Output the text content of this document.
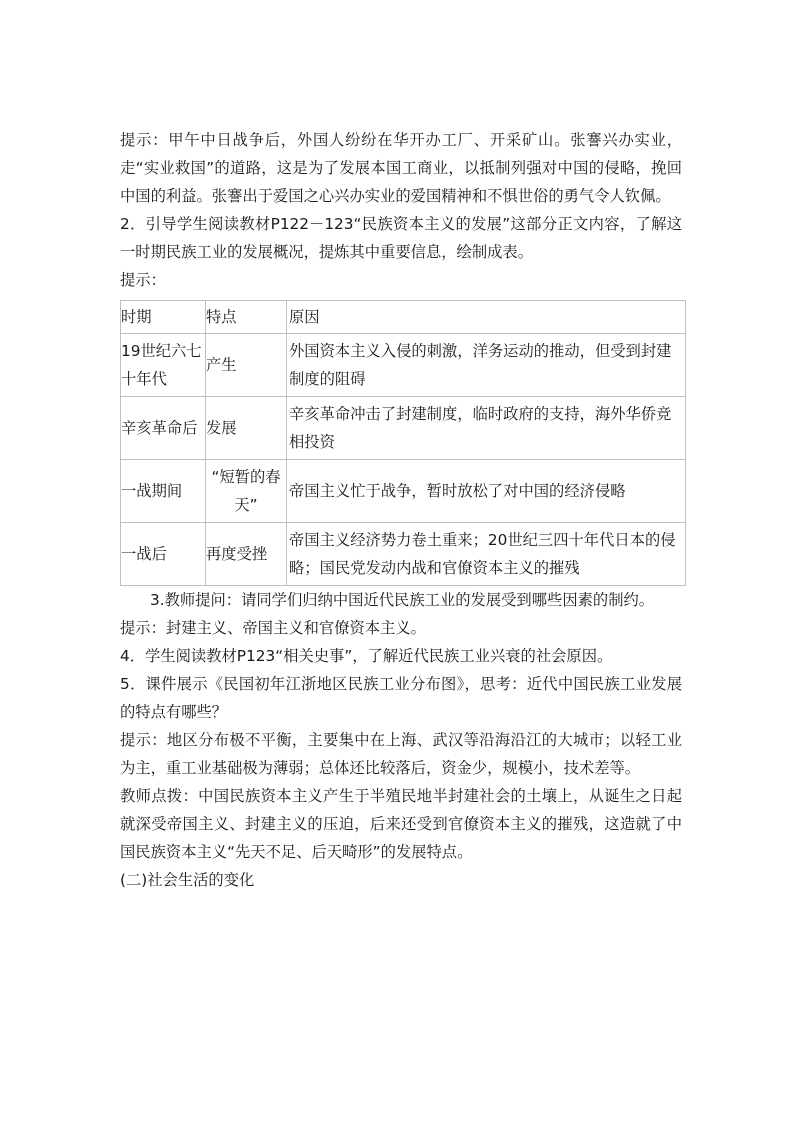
提示：甲午中日战争后，外国人纷纷在华开办工厂、开采矿山。张謇兴办实业，走“实业救国”的道路，这是为了发展本国工商业，以抵制列强对中国的侵略，挽回中国的利益。张謇出于爱国之心兴办实业的爱国精神和不惧世俗的勇气令人钦佩。

2．引导学生阅读教材P122－123“民族资本主义的发展”这部分正文内容，了解这一时期民族工业的发展概况，提炼其中重要信息，绘制成表。

提示：

时期	特点	原因
19世纪六七十年代	产生	外国资本主义入侵的刺激，洋务运动的推动，但受到封建制度的阻碍
辛亥革命后	发展	辛亥革命冲击了封建制度，临时政府的支持，海外华侨竞相投资
一战期间	“短暂的春天”	帝国主义忙于战争，暂时放松了对中国的经济侵略
一战后	再度受挫	帝国主义经济势力卷土重来；20世纪三四十年代日本的侵略；国民党发动内战和官僚资本主义的摧残

3.教师提问：请同学们归纳中国近代民族工业的发展受到哪些因素的制约。

提示：封建主义、帝国主义和官僚资本主义。

4．学生阅读教材P123“相关史事”，了解近代民族工业兴衰的社会原因。

5．课件展示《民国初年江浙地区民族工业分布图》，思考：近代中国民族工业发展的特点有哪些？

提示：地区分布极不平衡，主要集中在上海、武汉等沿海沿江的大城市；以轻工业为主，重工业基础极为薄弱；总体还比较落后，资金少，规模小，技术差等。

教师点拨：中国民族资本主义产生于半殖民地半封建社会的土壤上，从诞生之日起就深受帝国主义、封建主义的压迫，后来还受到官僚资本主义的摧残，这造就了中国民族资本主义“先天不足、后天畸形”的发展特点。

(二)社会生活的变化
